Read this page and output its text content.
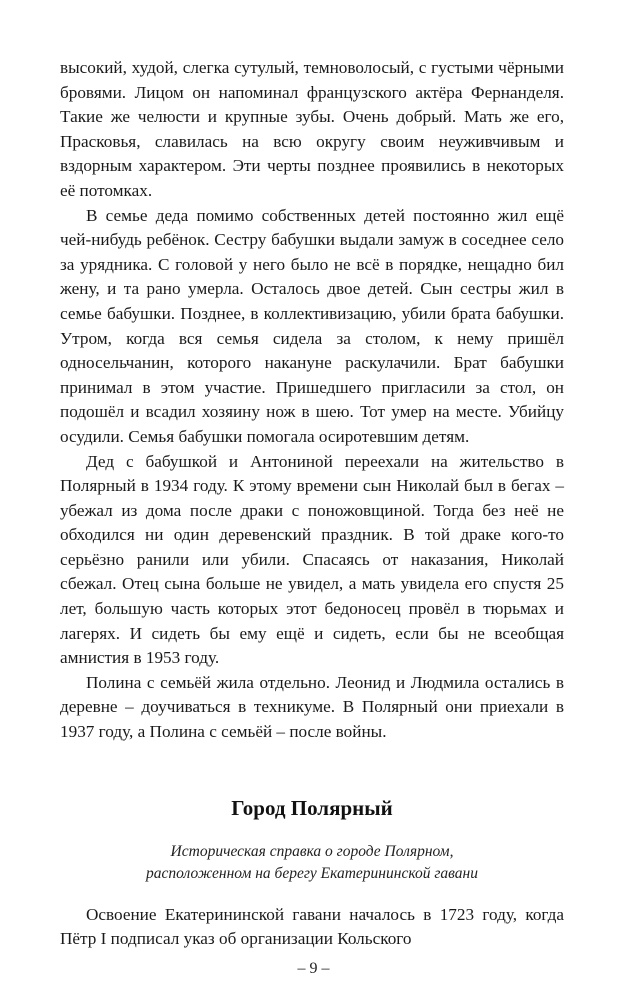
высокий, худой, слегка сутулый, темноволосый, с густыми чёрными бровями. Лицом он напоминал французского актёра Фернанделя. Такие же челюсти и крупные зубы. Очень добрый. Мать же его, Прасковья, славилась на всю округу своим неуживчивым и вздорным характером. Эти черты позднее проявились в некоторых её потомках.

В семье деда помимо собственных детей постоянно жил ещё чей-нибудь ребёнок. Сестру бабушки выдали замуж в соседнее село за урядника. С головой у него было не всё в порядке, нещадно бил жену, и та рано умерла. Осталось двое детей. Сын сестры жил в семье бабушки. Позднее, в коллективизацию, убили брата бабушки. Утром, когда вся семья сидела за столом, к нему пришёл односельчанин, которого накануне раскулачили. Брат бабушки принимал в этом участие. Пришедшего пригласили за стол, он подошёл и всадил хозяину нож в шею. Тот умер на месте. Убийцу осудили. Семья бабушки помогала осиротевшим детям.

Дед с бабушкой и Антониной переехали на жительство в Полярный в 1934 году. К этому времени сын Николай был в бегах – убежал из дома после драки с поножовщиной. Тогда без неё не обходился ни один деревенский праздник. В той драке кого-то серьёзно ранили или убили. Спасаясь от наказания, Николай сбежал. Отец сына больше не увидел, а мать увидела его спустя 25 лет, большую часть которых этот бедоносец провёл в тюрьмах и лагерях. И сидеть бы ему ещё и сидеть, если бы не всеобщая амнистия в 1953 году.

Полина с семьёй жила отдельно. Леонид и Людмила остались в деревне – доучиваться в техникуме. В Полярный они приехали в 1937 году, а Полина с семьёй – после войны.

Город Полярный
Историческая справка о городе Полярном,
расположенном на берегу Екатерининской гавани

Освоение Екатерининской гавани началось в 1723 году, когда Пётр I подписал указ об организации Кольского

– 9 –
